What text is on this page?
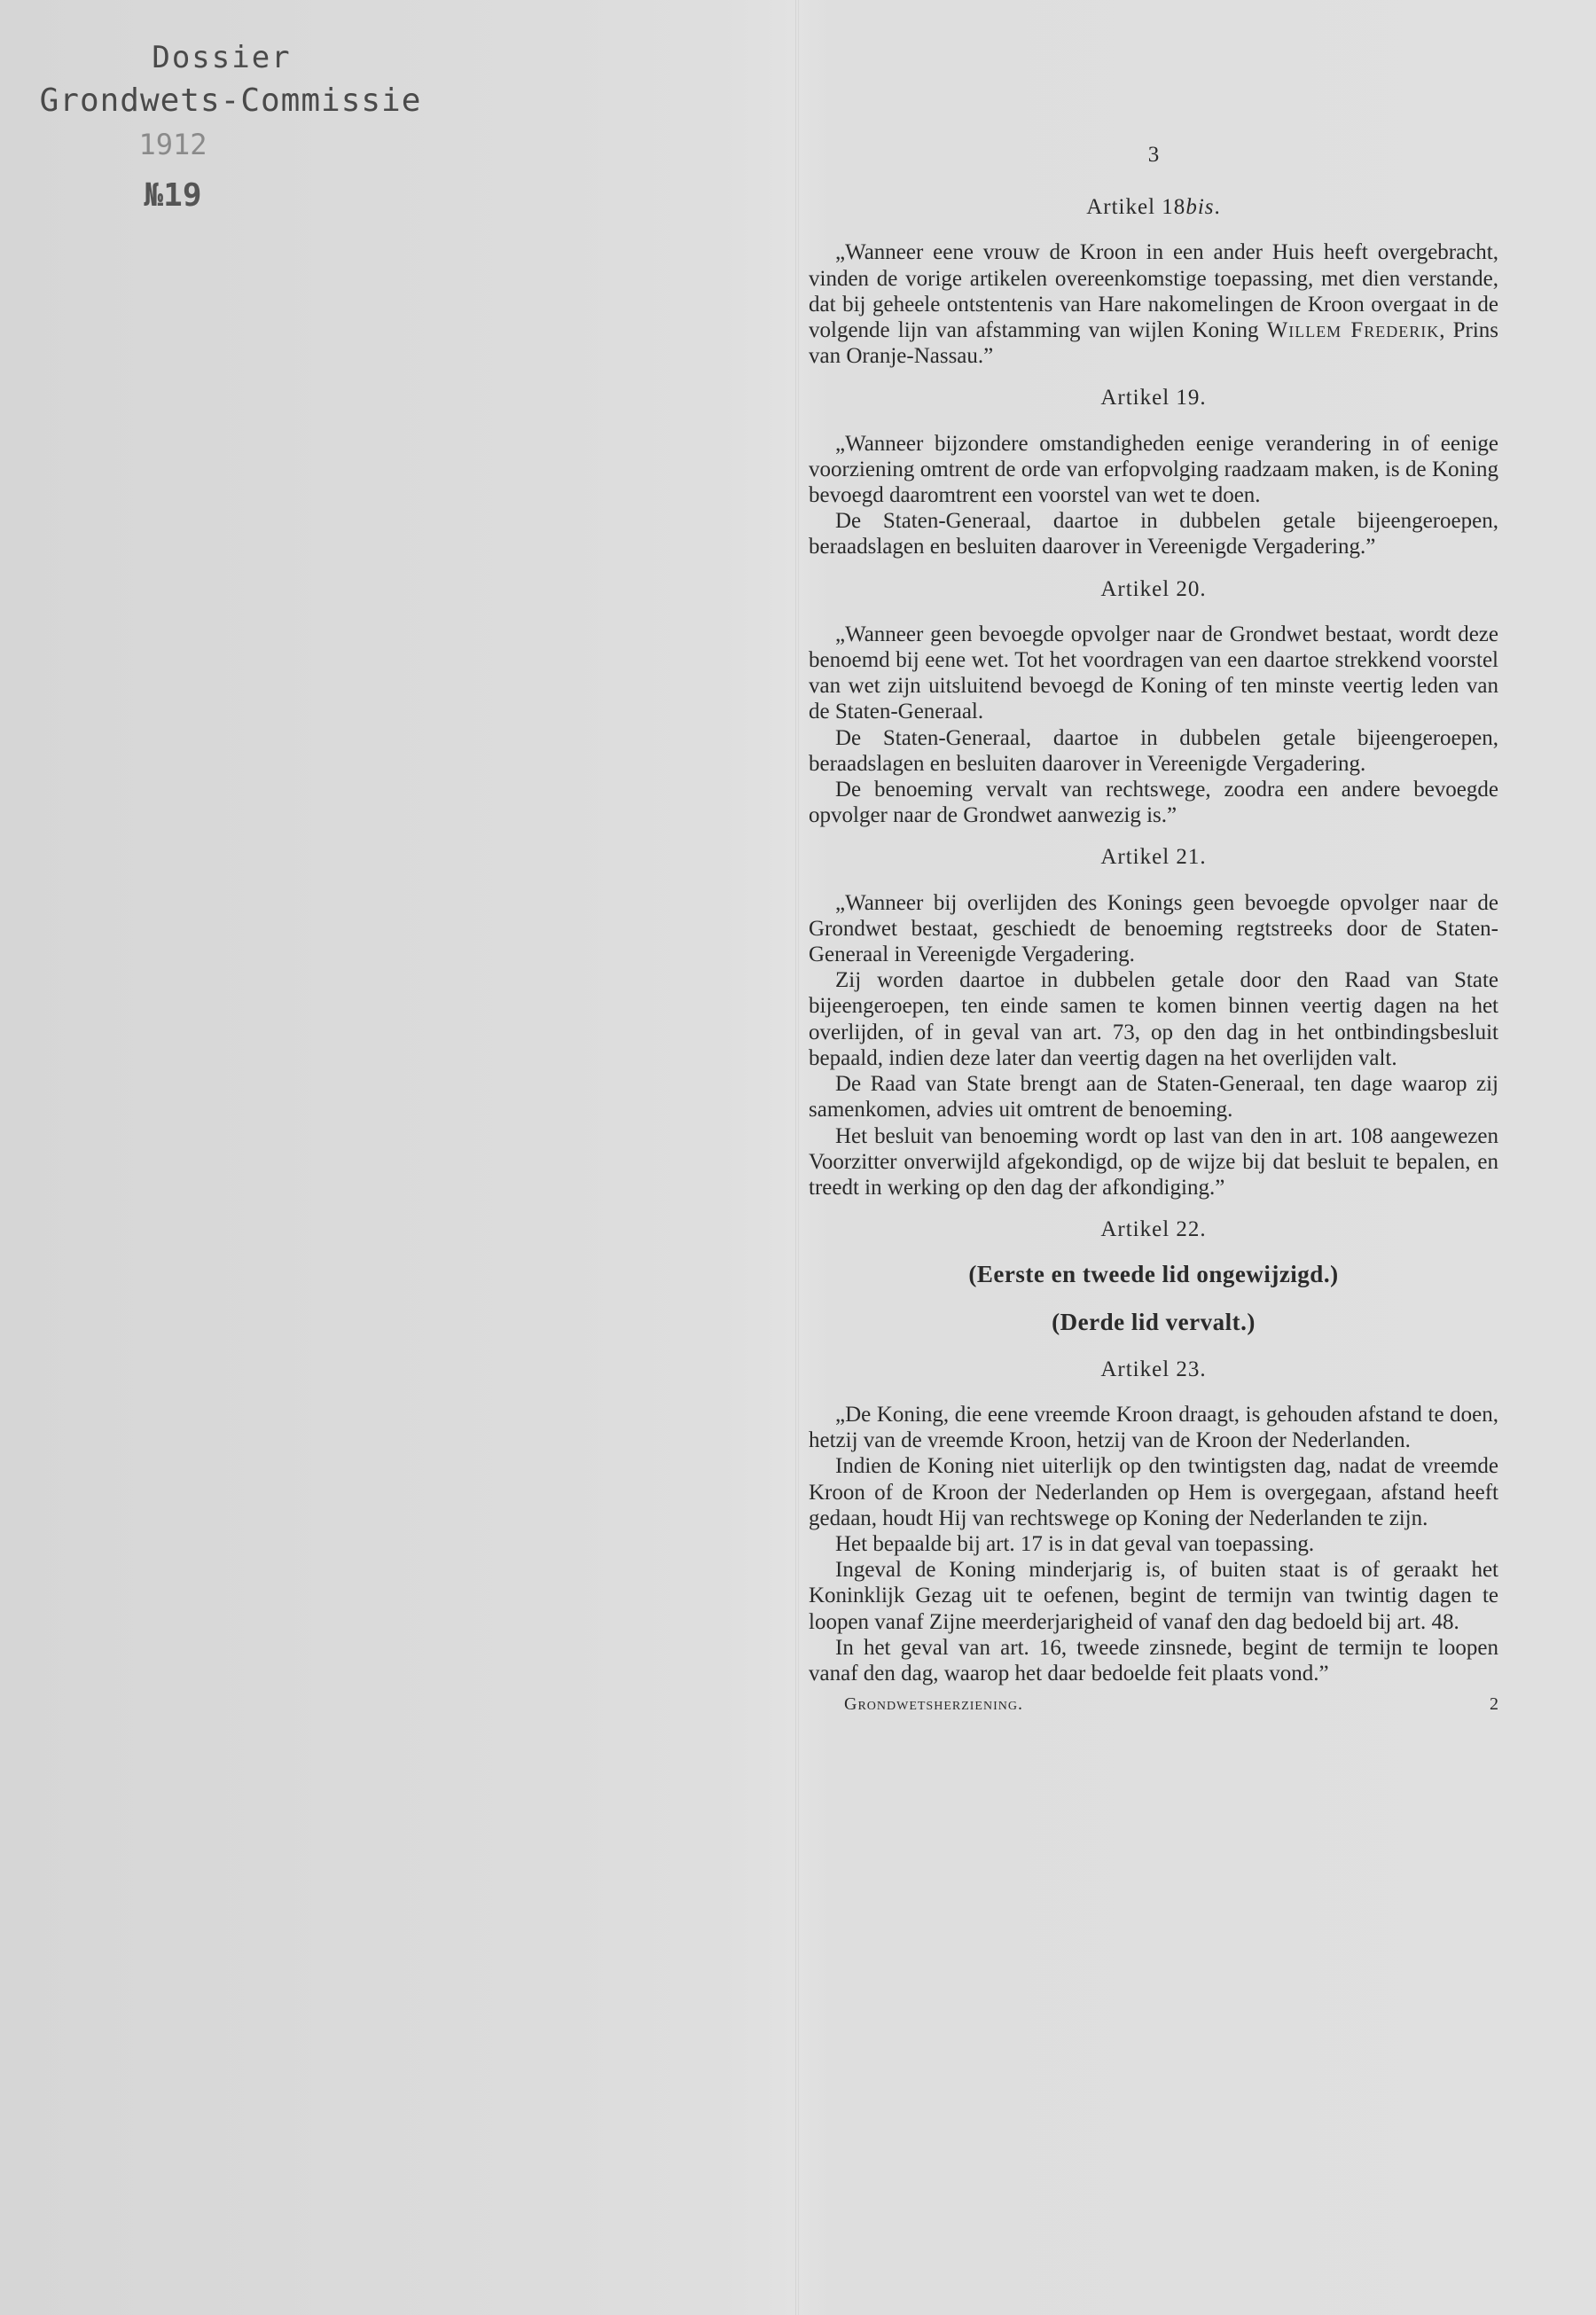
Dossier
Grondwets-Commissie
1912
№19
3
Artikel 18bis.

„Wanneer eene vrouw de Kroon in een ander Huis heeft overgebracht, vinden de vorige artikelen overeenkomstige toepassing, met dien verstande, dat bij geheele ontstentenis van Hare nakomelingen de Kroon overgaat in de volgende lijn van afstamming van wijlen Koning Willem Frederik, Prins van Oranje-Nassau.”

Artikel 19.

„Wanneer bijzondere omstandigheden eenige verandering in of eenige voorziening omtrent de orde van erfopvolging raadzaam maken, is de Koning bevoegd daaromtrent een voorstel van wet te doen.

De Staten-Generaal, daartoe in dubbelen getale bijeengeroepen, beraadslagen en besluiten daarover in Vereenigde Vergadering.”

Artikel 20.

„Wanneer geen bevoegde opvolger naar de Grondwet bestaat, wordt deze benoemd bij eene wet. Tot het voordragen van een daartoe strekkend voorstel van wet zijn uitsluitend bevoegd de Koning of ten minste veertig leden van de Staten-Generaal.

De Staten-Generaal, daartoe in dubbelen getale bijeengeroepen, beraadslagen en besluiten daarover in Vereenigde Vergadering.

De benoeming vervalt van rechtswege, zoodra een andere bevoegde opvolger naar de Grondwet aanwezig is.”

Artikel 21.

„Wanneer bij overlijden des Konings geen bevoegde opvolger naar de Grondwet bestaat, geschiedt de benoeming regtstreeks door de Staten-Generaal in Vereenigde Vergadering.

Zij worden daartoe in dubbelen getale door den Raad van State bijeengeroepen, ten einde samen te komen binnen veertig dagen na het overlijden, of in geval van art. 73, op den dag in het ontbindingsbesluit bepaald, indien deze later dan veertig dagen na het overlijden valt.

De Raad van State brengt aan de Staten-Generaal, ten dage waarop zij samenkomen, advies uit omtrent de benoeming.

Het besluit van benoeming wordt op last van den in art. 108 aangewezen Voorzitter onverwijld afgekondigd, op de wijze bij dat besluit te bepalen, en treedt in werking op den dag der afkondiging.”

Artikel 22.
(Eerste en tweede lid ongewijzigd.)
(Derde lid vervalt.)
Artikel 23.

„De Koning, die eene vreemde Kroon draagt, is gehouden afstand te doen, hetzij van de vreemde Kroon, hetzij van de Kroon der Nederlanden.

Indien de Koning niet uiterlijk op den twintigsten dag, nadat de vreemde Kroon of de Kroon der Nederlanden op Hem is overgegaan, afstand heeft gedaan, houdt Hij van rechtswege op Koning der Nederlanden te zijn.

Het bepaalde bij art. 17 is in dat geval van toepassing.

Ingeval de Koning minderjarig is, of buiten staat is of geraakt het Koninklijk Gezag uit te oefenen, begint de termijn van twintig dagen te loopen vanaf Zijne meerderjarigheid of vanaf den dag bedoeld bij art. 48.

In het geval van art. 16, tweede zinsnede, begint de termijn te loopen vanaf den dag, waarop het daar bedoelde feit plaats vond.”

Grondwetsherziening.	2
